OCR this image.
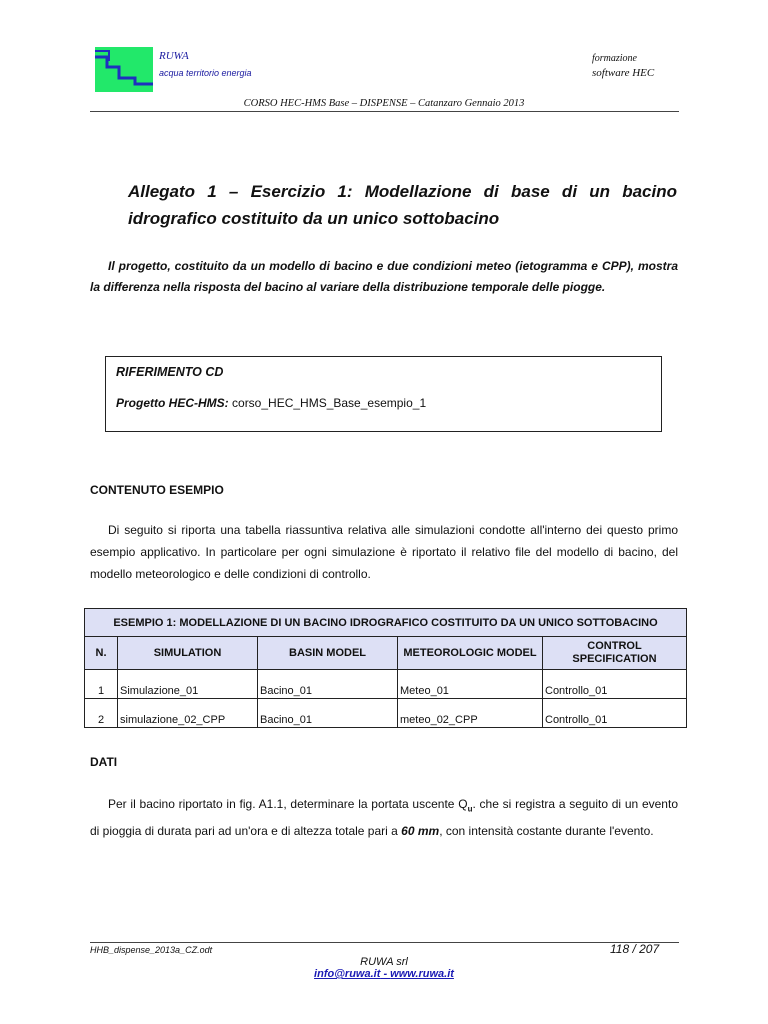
RUWA
acqua territorio energia
formazione
software HEC
CORSO HEC-HMS Base – DISPENSE – Catanzaro Gennaio 2013
Allegato 1 – Esercizio 1: Modellazione di base di un bacino idrografico costituito da un unico sottobacino
Il progetto, costituito da un modello di bacino e due condizioni meteo (ietogramma e CPP), mostra la differenza nella risposta del bacino al variare della distribuzione temporale delle piogge.
RIFERIMENTO CD
Progetto HEC-HMS: corso_HEC_HMS_Base_esempio_1
CONTENUTO ESEMPIO
Di seguito si riporta una tabella riassuntiva relativa alle simulazioni condotte all'interno dei questo primo esempio applicativo. In particolare per ogni simulazione è riportato il relativo file del modello di bacino, del modello meteorologico e delle condizioni di controllo.
ESEMPIO 1: MODELLAZIONE DI UN BACINO IDROGRAFICO COSTITUITO DA UN UNICO SOTTOBACINO				
N.	SIMULATION	BASIN MODEL	METEOROLOGIC MODEL	CONTROL SPECIFICATION
1	Simulazione_01	Bacino_01	Meteo_01	Controllo_01
2	simulazione_02_CPP	Bacino_01	meteo_02_CPP	Controllo_01
DATI
Per il bacino riportato in fig. A1.1, determinare la portata uscente $Q_u$. che si registra a seguito di un evento di pioggia di durata pari ad un'ora e di altezza totale pari a 60 mm, con intensità costante durante l'evento.
HHB_dispense_2013a_CZ.odt	118 / 207
RUWA srl
info@ruwa.it - www.ruwa.it
